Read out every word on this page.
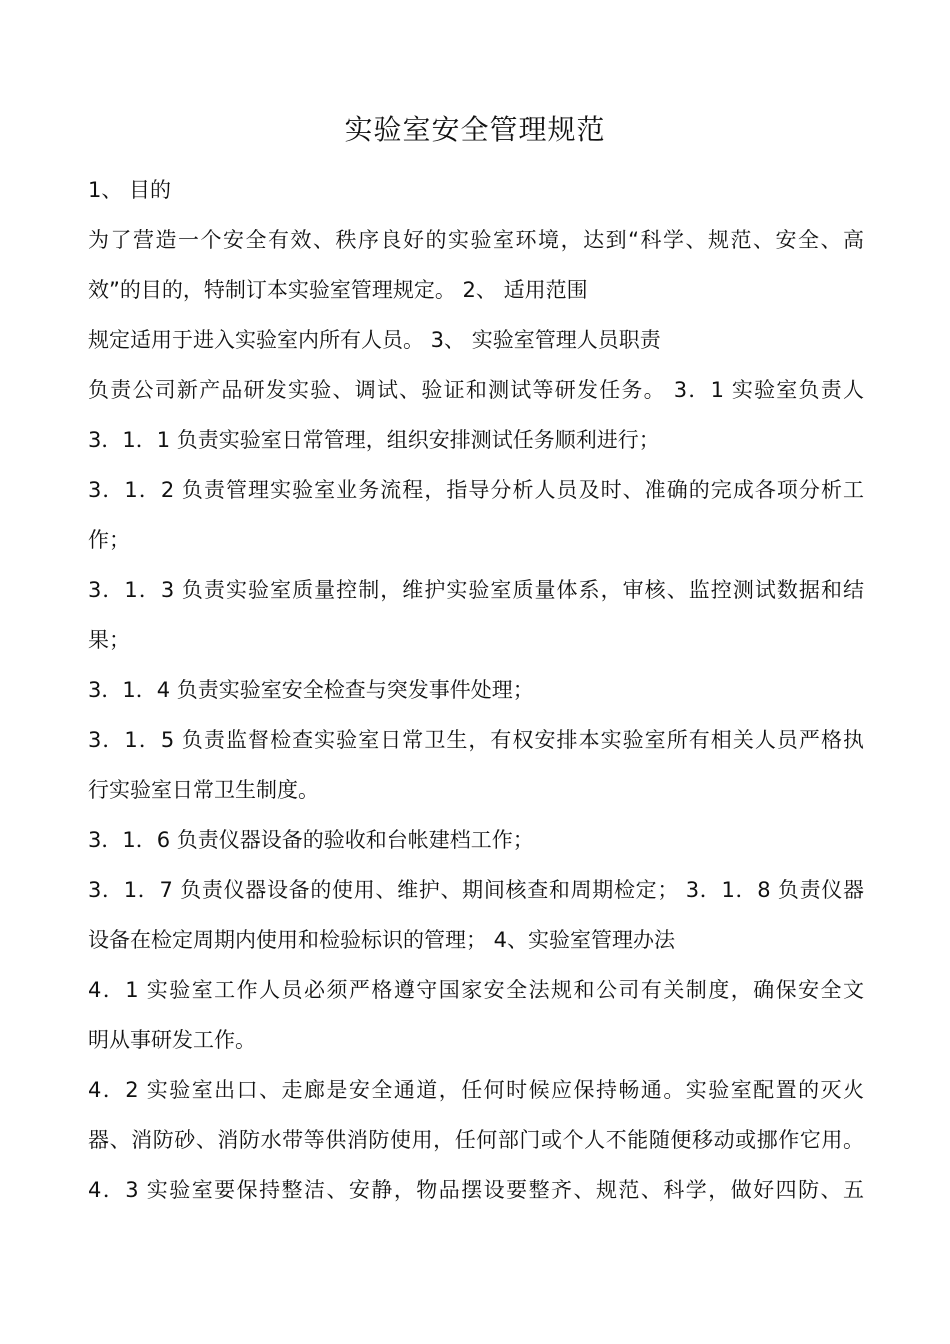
实验室安全管理规范
1、 目的
为了营造一个安全有效、秩序良好的实验室环境，达到“科学、规范、安全、高
效”的目的，特制订本实验室管理规定。 2、 适用范围
规定适用于进入实验室内所有人员。 3、 实验室管理人员职责
负责公司新产品研发实验、调试、验证和测试等研发任务。 3．1 实验室负责人
3．1．1 负责实验室日常管理，组织安排测试任务顺利进行；
3．1．2 负责管理实验室业务流程，指导分析人员及时、准确的完成各项分析工
作；
3．1．3 负责实验室质量控制，维护实验室质量体系，审核、监控测试数据和结
果；
3．1．4 负责实验室安全检查与突发事件处理；
3．1．5 负责监督检查实验室日常卫生，有权安排本实验室所有相关人员严格执
行实验室日常卫生制度。
3．1．6 负责仪器设备的验收和台帐建档工作；
3．1．7 负责仪器设备的使用、维护、期间核查和周期检定； 3．1．8 负责仪器
设备在检定周期内使用和检验标识的管理； 4、实验室管理办法
4．1 实验室工作人员必须严格遵守国家安全法规和公司有关制度，确保安全文
明从事研发工作。
4．2 实验室出口、走廊是安全通道，任何时候应保持畅通。实验室配置的灭火
器、消防砂、消防水带等供消防使用，任何部门或个人不能随便移动或挪作它用。
4．3 实验室要保持整洁、安静，物品摆设要整齐、规范、科学，做好四防、五
